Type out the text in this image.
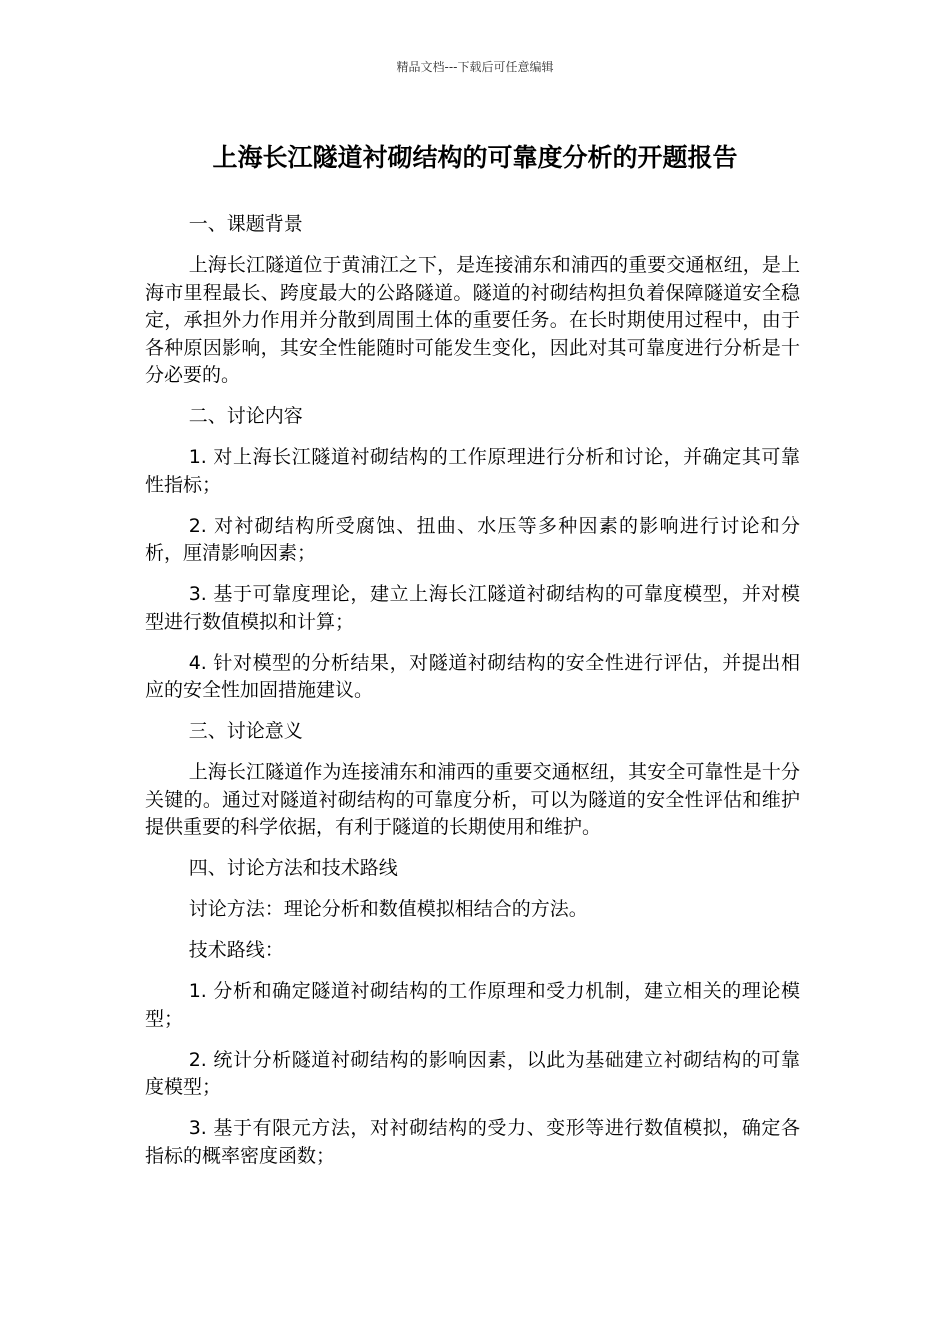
精品文档---下载后可任意编辑
上海长江隧道衬砌结构的可靠度分析的开题报告

一、课题背景

上海长江隧道位于黄浦江之下，是连接浦东和浦西的重要交通枢纽，是上海市里程最长、跨度最大的公路隧道。隧道的衬砌结构担负着保障隧道安全稳定，承担外力作用并分散到周围土体的重要任务。在长时期使用过程中，由于各种原因影响，其安全性能随时可能发生变化，因此对其可靠度进行分析是十分必要的。

二、讨论内容

1. 对上海长江隧道衬砌结构的工作原理进行分析和讨论，并确定其可靠性指标；

2. 对衬砌结构所受腐蚀、扭曲、水压等多种因素的影响进行讨论和分析，厘清影响因素；

3. 基于可靠度理论，建立上海长江隧道衬砌结构的可靠度模型，并对模型进行数值模拟和计算；

4. 针对模型的分析结果，对隧道衬砌结构的安全性进行评估，并提出相应的安全性加固措施建议。

三、讨论意义

上海长江隧道作为连接浦东和浦西的重要交通枢纽，其安全可靠性是十分关键的。通过对隧道衬砌结构的可靠度分析，可以为隧道的安全性评估和维护提供重要的科学依据，有利于隧道的长期使用和维护。

四、讨论方法和技术路线

讨论方法：理论分析和数值模拟相结合的方法。

技术路线：

1. 分析和确定隧道衬砌结构的工作原理和受力机制，建立相关的理论模型；

2. 统计分析隧道衬砌结构的影响因素，以此为基础建立衬砌结构的可靠度模型；

3. 基于有限元方法，对衬砌结构的受力、变形等进行数值模拟，确定各指标的概率密度函数；
